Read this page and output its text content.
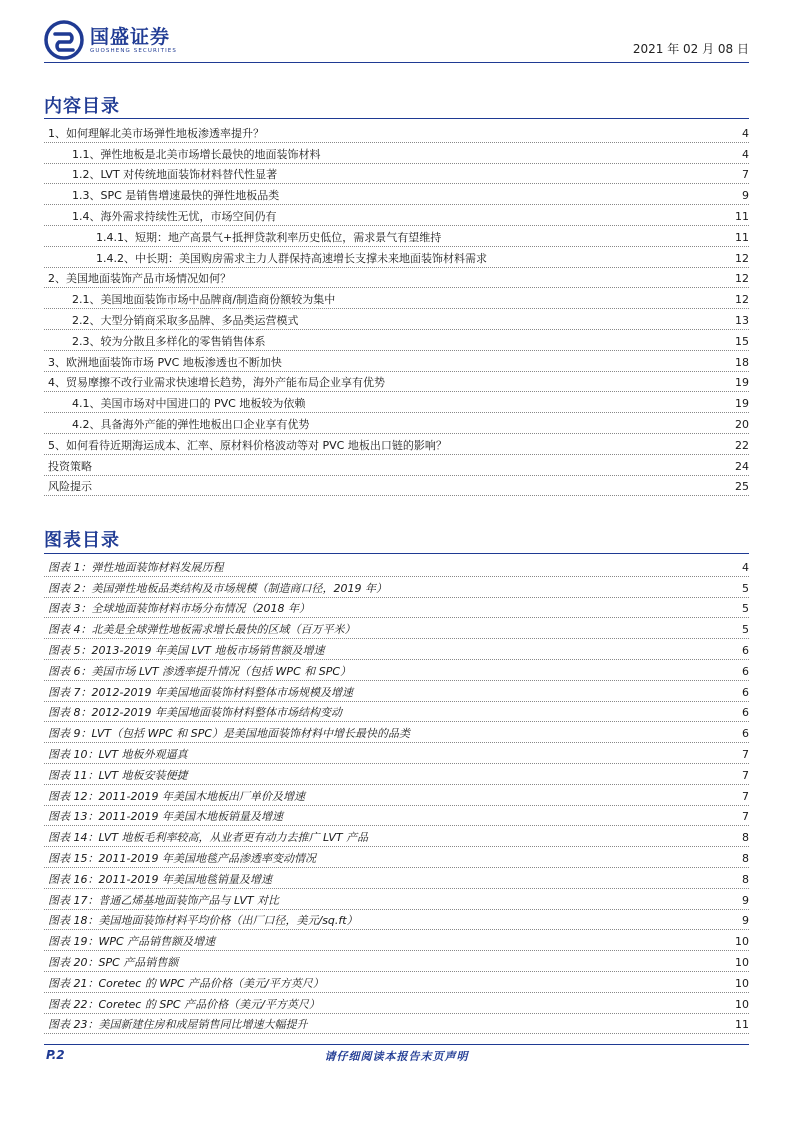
国盛证券
GUOSHENG SECURITIES	2021 年 02 月 08 日
内容目录
1、如何理解北美市场弹性地板渗透率提升？	4
1.1、弹性地板是北美市场增长最快的地面装饰材料	4
1.2、LVT 对传统地面装饰材料替代性显著	7
1.3、SPC 是销售增速最快的弹性地板品类	9
1.4、海外需求持续性无忧，市场空间仍有	11
1.4.1、短期：地产高景气+抵押贷款利率历史低位，需求景气有望维持	11
1.4.2、中长期：美国购房需求主力人群保持高速增长支撑未来地面装饰材料需求	12
2、美国地面装饰产品市场情况如何？	12
2.1、美国地面装饰市场中品牌商/制造商份额较为集中	12
2.2、大型分销商采取多品牌、多品类运营模式	13
2.3、较为分散且多样化的零售销售体系	15
3、欧洲地面装饰市场 PVC 地板渗透也不断加快	18
4、贸易摩擦不改行业需求快速增长趋势，海外产能布局企业享有优势	19
4.1、美国市场对中国进口的 PVC 地板较为依赖	19
4.2、具备海外产能的弹性地板出口企业享有优势	20
5、如何看待近期海运成本、汇率、原材料价格波动等对 PVC 地板出口链的影响？	22
投资策略	24
风险提示	25
图表目录
图表 1：弹性地面装饰材料发展历程	4
图表 2：美国弹性地板品类结构及市场规模（制造商口径，2019 年）	5
图表 3：全球地面装饰材料市场分布情况（2018 年）	5
图表 4：北美是全球弹性地板需求增长最快的区域（百万平米）	5
图表 5：2013-2019 年美国 LVT 地板市场销售额及增速	6
图表 6：美国市场 LVT 渗透率提升情况（包括 WPC 和 SPC）	6
图表 7：2012-2019 年美国地面装饰材料整体市场规模及增速	6
图表 8：2012-2019 年美国地面装饰材料整体市场结构变动	6
图表 9：LVT（包括 WPC 和 SPC）是美国地面装饰材料中增长最快的品类	6
图表 10：LVT 地板外观逼真	7
图表 11：LVT 地板安装便捷	7
图表 12：2011-2019 年美国木地板出厂单价及增速	7
图表 13：2011-2019 年美国木地板销量及增速	7
图表 14：LVT 地板毛利率较高，从业者更有动力去推广 LVT 产品	8
图表 15：2011-2019 年美国地毯产品渗透率变动情况	8
图表 16：2011-2019 年美国地毯销量及增速	8
图表 17：普通乙烯基地面装饰产品与 LVT 对比	9
图表 18：美国地面装饰材料平均价格（出厂口径，美元/sq.ft）	9
图表 19：WPC 产品销售额及增速	10
图表 20：SPC 产品销售额	10
图表 21：Coretec 的 WPC 产品价格（美元/平方英尺）	10
图表 22：Coretec 的 SPC 产品价格（美元/平方英尺）	10
图表 23：美国新建住房和成屋销售同比增速大幅提升	11
P.2	请仔细阅读本报告末页声明
